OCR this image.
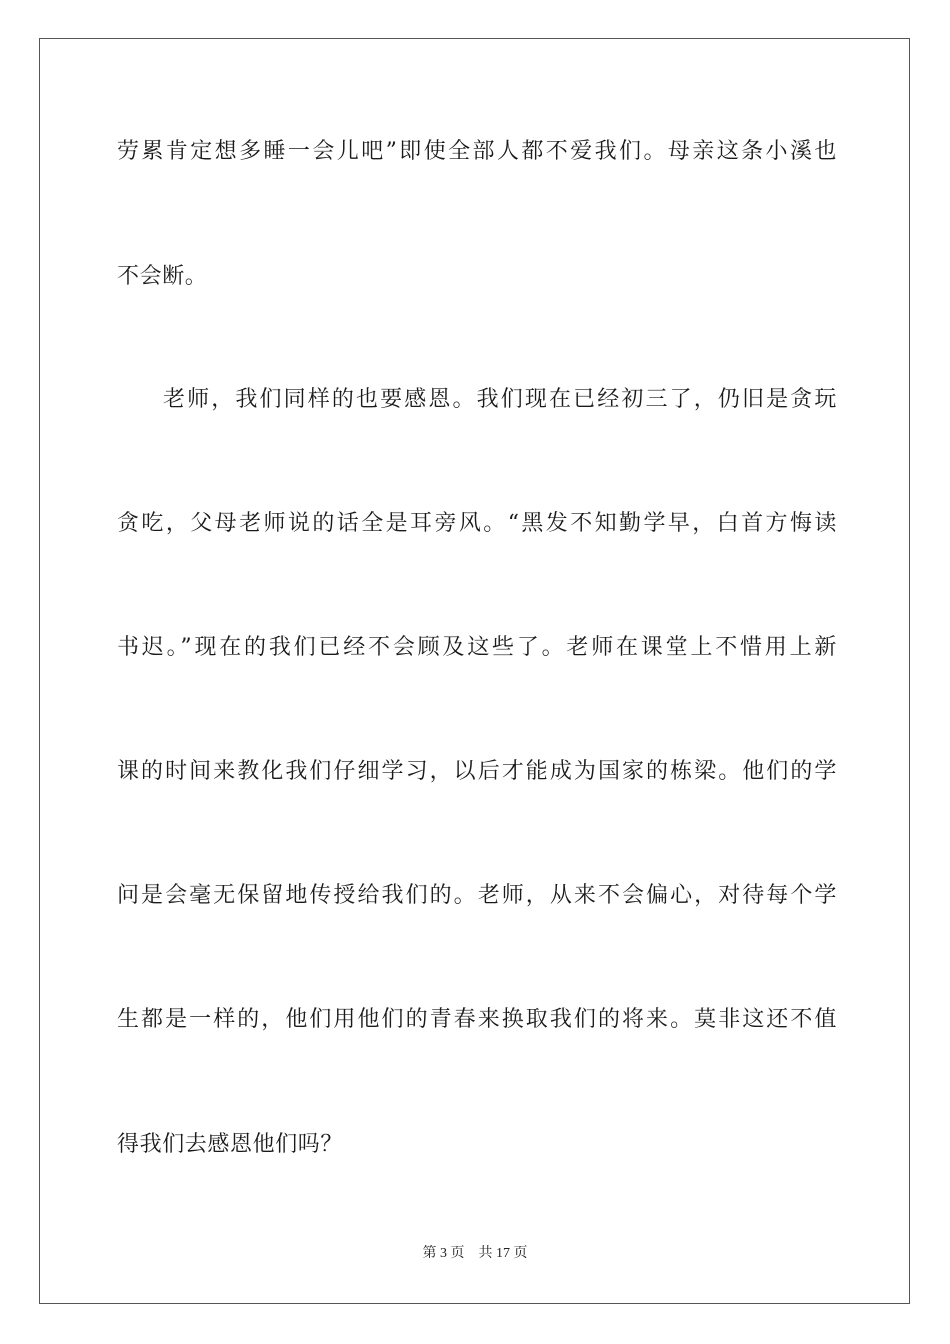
劳累肯定想多睡一会儿吧”即使全部人都不爱我们。母亲这条小溪也
不会断。
老师，我们同样的也要感恩。我们现在已经初三了，仍旧是贪玩
贪吃，父母老师说的话全是耳旁风。“黑发不知勤学早，白首方悔读
书迟。”现在的我们已经不会顾及这些了。老师在课堂上不惜用上新
课的时间来教化我们仔细学习，以后才能成为国家的栋梁。他们的学
问是会毫无保留地传授给我们的。老师，从来不会偏心，对待每个学
生都是一样的，他们用他们的青春来换取我们的将来。莫非这还不值
得我们去感恩他们吗？
第 3 页 共 17 页
